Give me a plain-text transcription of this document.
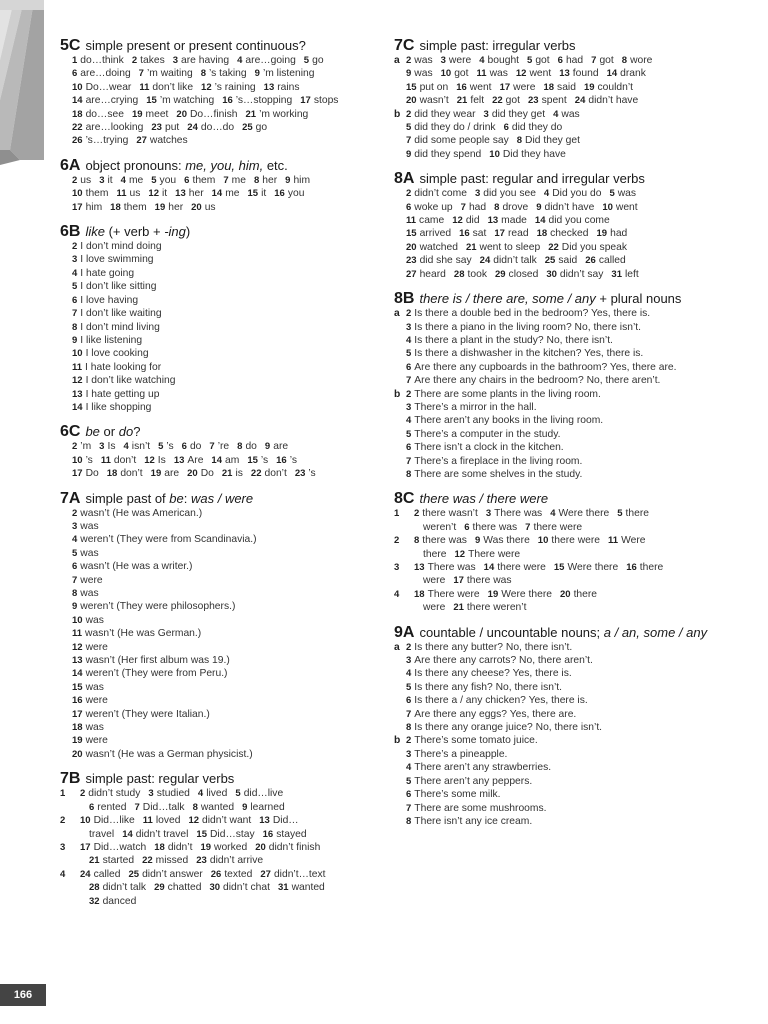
5C simple present or present continuous?
1 do…think 2 takes 3 are having 4 are…going 5 go
6 are…doing 7 ’m waiting 8 ’s taking 9 ’m listening
10 Do…wear 11 don’t like 12 ’s raining 13 rains
14 are…crying 15 ’m watching 16 ’s…stopping 17 stops
18 do…see 19 meet 20 Do…finish 21 ’m working
22 are…looking 23 put 24 do…do 25 go
26 ’s…trying 27 watches
6A object pronouns: me, you, him, etc.
2 us 3 it 4 me 5 you 6 them 7 me 8 her 9 him
10 them 11 us 12 it 13 her 14 me 15 it 16 you
17 him 18 them 19 her 20 us
6B like (+ verb + -ing)
2 I don’t mind doing
3 I love swimming
4 I hate going
5 I don’t like sitting
6 I love having
7 I don’t like waiting
8 I don’t mind living
9 I like listening
10 I love cooking
11 I hate looking for
12 I don’t like watching
13 I hate getting up
14 I like shopping
6C be or do?
2 ’m 3 Is 4 isn’t 5 ’s 6 do 7 ’re 8 do 9 are
10 ’s 11 don’t 12 Is 13 Are 14 am 15 ’s 16 ’s
17 Do 18 don’t 19 are 20 Do 21 is 22 don’t 23 ’s
7A simple past of be: was / were
2 wasn’t (He was American.)
3 was
4 weren’t (They were from Scandinavia.)
5 was
6 wasn’t (He was a writer.)
7 were
8 was
9 weren’t (They were philosophers.)
10 was
11 wasn’t (He was German.)
12 were
13 wasn’t (Her first album was 19.)
14 weren’t (They were from Peru.)
15 was
16 were
17 weren’t (They were Italian.)
18 was
19 were
20 wasn’t (He was a German physicist.)
7B simple past: regular verbs
1 2 didn’t study 3 studied 4 lived 5 did…live
6 rented 7 Did…talk 8 wanted 9 learned
2 10 Did…like 11 loved 12 didn’t want 13 Did…
travel 14 didn’t travel 15 Did…stay 16 stayed
3 17 Did…watch 18 didn’t 19 worked 20 didn’t finish
21 started 22 missed 23 didn’t arrive
4 24 called 25 didn’t answer 26 texted 27 didn’t…text
28 didn’t talk 29 chatted 30 didn’t chat 31 wanted
32 danced
7C simple past: irregular verbs
a 2 was 3 were 4 bought 5 got 6 had 7 got 8 wore
9 was 10 got 11 was 12 went 13 found 14 drank
15 put on 16 went 17 were 18 said 19 couldn’t
20 wasn’t 21 felt 22 got 23 spent 24 didn’t have
b 2 did they wear 3 did they get 4 was
5 did they do / drink 6 did they do
7 did some people say 8 Did they get
9 did they spend 10 Did they have
8A simple past: regular and irregular verbs
2 didn’t come 3 did you see 4 Did you do 5 was
6 woke up 7 had 8 drove 9 didn’t have 10 went
11 came 12 did 13 made 14 did you come
15 arrived 16 sat 17 read 18 checked 19 had
20 watched 21 went to sleep 22 Did you speak
23 did she say 24 didn’t talk 25 said 26 called
27 heard 28 took 29 closed 30 didn’t say 31 left
8B there is / there are, some / any + plural nouns
a 2 Is there a double bed in the bedroom? Yes, there is.
3 Is there a piano in the living room? No, there isn’t.
4 Is there a plant in the study? No, there isn’t.
5 Is there a dishwasher in the kitchen? Yes, there is.
6 Are there any cupboards in the bathroom? Yes, there are.
7 Are there any chairs in the bedroom? No, there aren’t.
b 2 There are some plants in the living room.
3 There’s a mirror in the hall.
4 There aren’t any books in the living room.
5 There’s a computer in the study.
6 There isn’t a clock in the kitchen.
7 There’s a fireplace in the living room.
8 There are some shelves in the study.
8C there was / there were
1 2 there wasn’t 3 There was 4 Were there 5 there
weren’t 6 there was 7 there were
2 8 there was 9 Was there 10 there were 11 Were
there 12 There were
3 13 There was 14 there were 15 Were there 16 there
were 17 there was
4 18 There were 19 Were there 20 there
were 21 there weren’t
9A countable / uncountable nouns; a / an, some / any
a 2 Is there any butter? No, there isn’t.
3 Are there any carrots? No, there aren’t.
4 Is there any cheese? Yes, there is.
5 Is there any fish? No, there isn’t.
6 Is there a / any chicken? Yes, there is.
7 Are there any eggs? Yes, there are.
8 Is there any orange juice? No, there isn’t.
b 2 There’s some tomato juice.
3 There’s a pineapple.
4 There aren’t any strawberries.
5 There aren’t any peppers.
6 There’s some milk.
7 There are some mushrooms.
8 There isn’t any ice cream.
166
